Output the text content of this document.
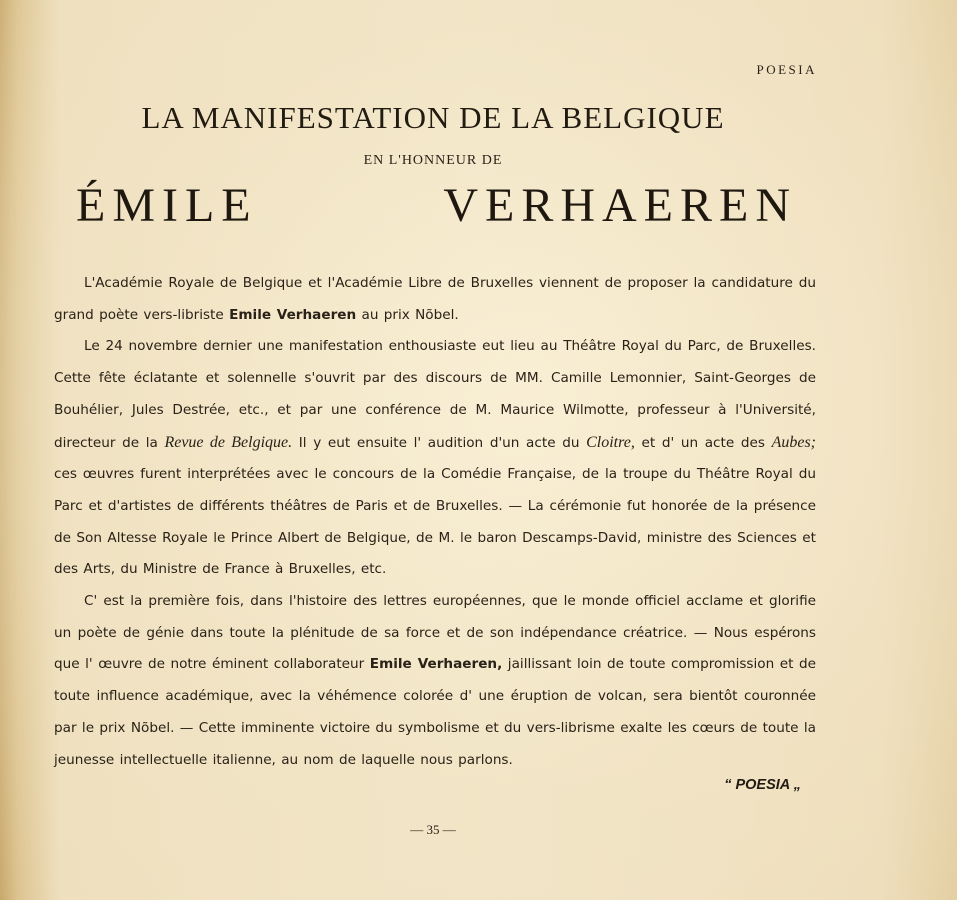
POESIA
LA MANIFESTATION DE LA BELGIQUE
EN L'HONNEUR DE
ÉMILE	VERHAEREN

L'Académie Royale de Belgique et l'Académie Libre de Bruxelles viennent de proposer la candidature du grand poète vers-libriste Emile Verhaeren au prix Nõbel.

Le 24 novembre dernier une manifestation enthousiaste eut lieu au Théâtre Royal du Parc, de Bruxelles. Cette fête éclatante et solennelle s'ouvrit par des discours de MM. Camille Lemonnier, Saint-Georges de Bouhélier, Jules Destrée, etc., et par une conférence de M. Maurice Wilmotte, professeur à l'Université, directeur de la Revue de Belgique. Il y eut ensuite l' audition d'un acte du Cloitre, et d' un acte des Aubes; ces œuvres furent interprétées avec le concours de la Comédie Française, de la troupe du Théâtre Royal du Parc et d'artistes de différents théâtres de Paris et de Bruxelles. — La cérémonie fut honorée de la présence de Son Altesse Royale le Prince Albert de Belgique, de M. le baron Descamps-David, ministre des Sciences et des Arts, du Ministre de France à Bruxelles, etc.

C' est la première fois, dans l'histoire des lettres européennes, que le monde officiel acclame et glorifie un poète de génie dans toute la plénitude de sa force et de son indépendance créatrice. — Nous espérons que l' œuvre de notre éminent collaborateur Emile Verhaeren, jaillissant loin de toute compromission et de toute influence académique, avec la véhémence colorée d' une éruption de volcan, sera bientôt couronnée par le prix Nõbel. — Cette imminente victoire du symbolisme et du vers-librisme exalte les cœurs de toute la jeunesse intellectuelle italienne, au nom de laquelle nous parlons.

“ POESIA „
— 35 —
